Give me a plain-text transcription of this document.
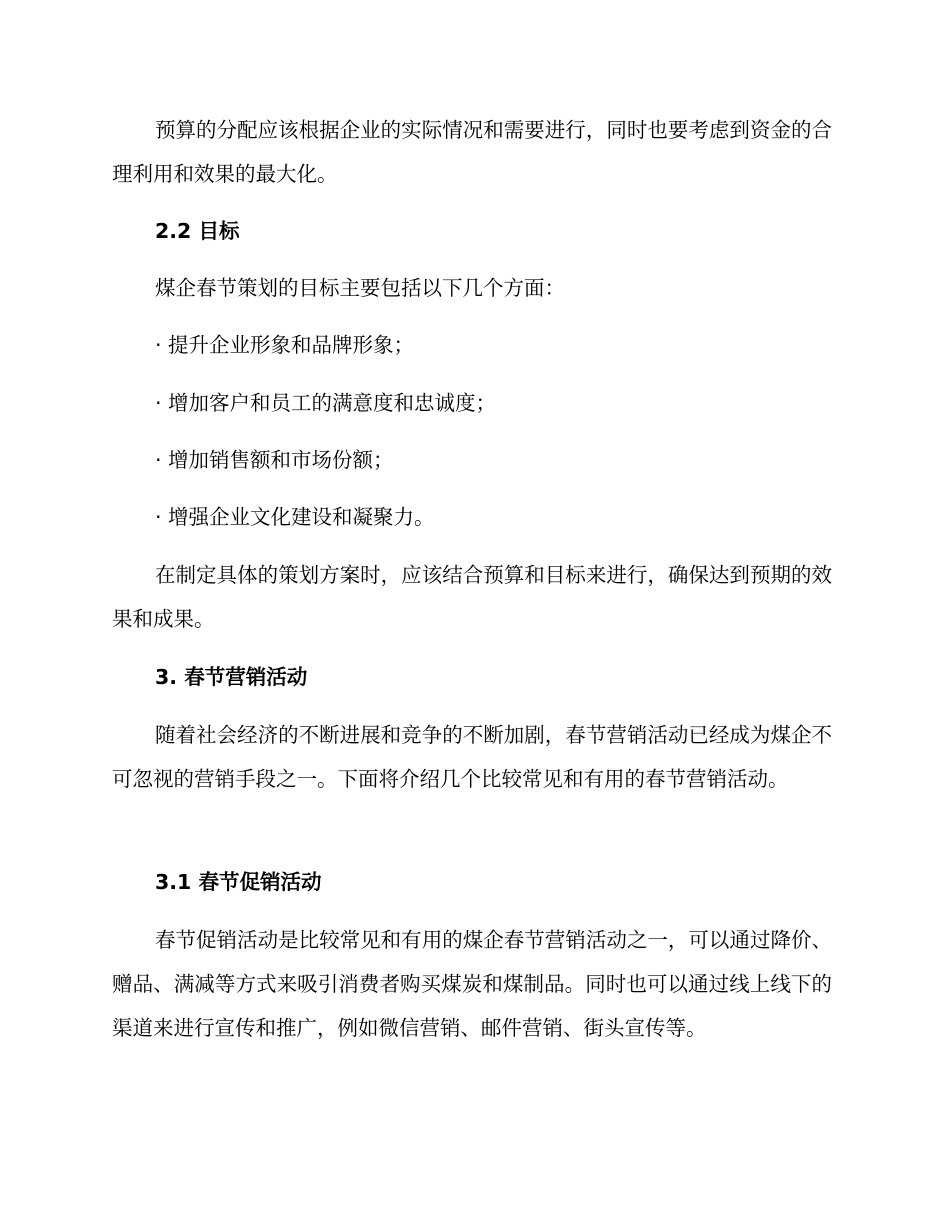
预算的分配应该根据企业的实际情况和需要进行，同时也要考虑到资金的合理利用和效果的最大化。
2.2 目标
煤企春节策划的目标主要包括以下几个方面：
· 提升企业形象和品牌形象；
· 增加客户和员工的满意度和忠诚度；
· 增加销售额和市场份额；
· 增强企业文化建设和凝聚力。
在制定具体的策划方案时，应该结合预算和目标来进行，确保达到预期的效果和成果。
3. 春节营销活动
随着社会经济的不断进展和竞争的不断加剧，春节营销活动已经成为煤企不可忽视的营销手段之一。下面将介绍几个比较常见和有用的春节营销活动。
3.1 春节促销活动
春节促销活动是比较常见和有用的煤企春节营销活动之一，可以通过降价、赠品、满减等方式来吸引消费者购买煤炭和煤制品。同时也可以通过线上线下的渠道来进行宣传和推广，例如微信营销、邮件营销、街头宣传等。
